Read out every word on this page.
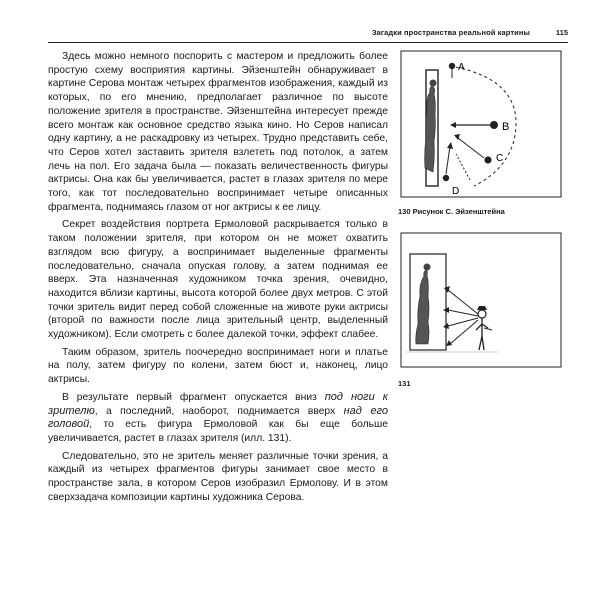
Загадки пространства реальной картины	115

Здесь можно немного поспорить с мастером и предложить более простую схему восприятия картины. Эйзенштейн обнаруживает в картине Серова монтаж четырех фрагментов изображения, каждый из которых, по его мнению, предполагает различное по высоте положение зрителя в пространстве. Эйзенштейна интересует прежде всего монтаж как основное средство языка кино. Но Серов написал одну картину, а не раскадровку из четырех. Трудно представить себе, что Серов хотел заставить зрителя взлететь под потолок, а затем лечь на пол. Его задача была — показать величественность фигуры актрисы. Она как бы увеличивается, растет в глазах зрителя по мере того, как тот последовательно воспринимает четыре описанных фрагмента, поднимаясь глазом от ног актрисы к ее лицу.

Секрет воздействия портрета Ермоловой раскрывается только в таком положении зрителя, при котором он не может охватить взглядом всю фигуру, а воспринимает выделенные фрагменты последовательно, сначала опуская голову, а затем поднимая ее вверх. Эта назначенная художником точка зрения, очевидно, находится вблизи картины, высота которой более двух метров. С этой точки зритель видит перед собой сложенные на животе руки актрисы (второй по важности после лица зрительный центр, выделенный художником). Если смотреть с более далекой точки, эффект слабее.

Таким образом, зритель поочередно воспринимает ноги и платье на полу, затем фигуру по колени, затем бюст и, наконец, лицо актрисы.

В результате первый фрагмент опускается вниз под ноги к зрителю, а последний, наоборот, поднимается вверх над его головой, то есть фигура Ермоловой как бы еще больше увеличивается, растет в глазах зрителя (илл. 131).

Следовательно, это не зритель меняет различные точки зрения, а каждый из четырех фрагментов фигуры занимает свое место в пространстве зала, в котором Серов изобразил Ермолову. И в этом сверхзадача композиции картины художника Серова.

A
B
C
D
130 Рисунок С. Эйзенштейна
131
